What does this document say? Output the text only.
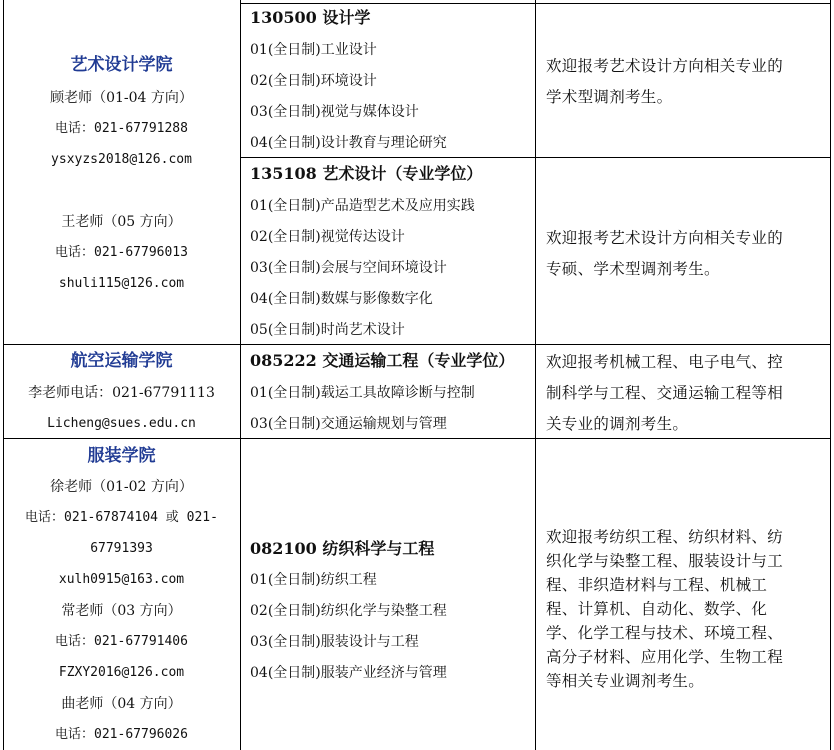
艺术设计学院
顾老师（01-04 方向）
电话：021-67791288
ysxyzs2018@126.com
王老师（05 方向）
电话：021-67796013
shuli115@126.com
130500 设计学
01(全日制)工业设计
02(全日制)环境设计
03(全日制)视觉与媒体设计
04(全日制)设计教育与理论研究
欢迎报考艺术设计方向相关专业的
学术型调剂考生。
135108 艺术设计（专业学位）
01(全日制)产品造型艺术及应用实践
02(全日制)视觉传达设计
03(全日制)会展与空间环境设计
04(全日制)数媒与影像数字化
05(全日制)时尚艺术设计
欢迎报考艺术设计方向相关专业的
专硕、学术型调剂考生。
航空运输学院
李老师电话：021-67791113
Licheng@sues.edu.cn
085222 交通运输工程（专业学位）
01(全日制)载运工具故障诊断与控制
03(全日制)交通运输规划与管理
欢迎报考机械工程、电子电气、控
制科学与工程、交通运输工程等相
关专业的调剂考生。
服装学院
徐老师（01-02 方向）
电话：021-67874104 或 021-
67791393
xulh0915@163.com
常老师（03 方向）
电话：021-67791406
FZXY2016@126.com
曲老师（04 方向）
电话：021-67796026
082100 纺织科学与工程
01(全日制)纺织工程
02(全日制)纺织化学与染整工程
03(全日制)服装设计与工程
04(全日制)服装产业经济与管理
欢迎报考纺织工程、纺织材料、纺
织化学与染整工程、服装设计与工
程、非织造材料与工程、机械工
程、计算机、自动化、数学、化
学、化学工程与技术、环境工程、
高分子材料、应用化学、生物工程
等相关专业调剂考生。
